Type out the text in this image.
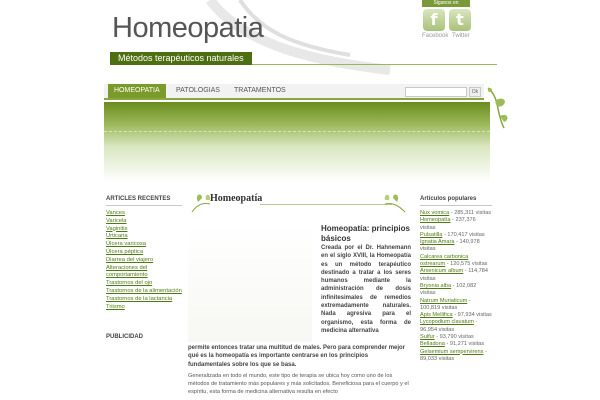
Homeopatia
Métodos terapéuticos naturales
Siganos en
f	t
Facebook Twitter
HOMEOPATIA	PATOLOGIAS	TRATAMENTOS	Ok
ARTICLES RECENTES
Vances
Varicela
Vaginitis
Urticaria
Úlcera varicosa
Úlcera péptica
Diarrea del viajero
Alteraciones del comportamiento
Trastornos del ojo
Trastornos de la alimentación
Trastornos de la lactancia
Triismo
PUBLICIDAD
Homeopatía
Homeopatía: principios básicos
Creada por el Dr. Hahnemann en el siglo XVIII, la Homeopatía es un método terapéutico destinado a tratar a los seres humanos mediante la administración de dosis infinitesimales de remedios extremadamente naturales. Nada agresiva para el organismo, esta forma de medicina alternativa
permite entonces tratar una multitud de males. Pero para comprender mejor qué es la homeopatía es importante centrarse en los principios fundamentales sobre los que se basa.
Generalizada en todo el mundo, este tipo de terapia se ubica hoy como uno de los métodos de tratamiento más populares y más solicitados. Beneficiosa para el cuerpo y el espíritu, esta forma de medicina alternativa resulta en efecto
Artículos populares
Nux vomica - 285,311 visitas
Homeopatía - 237,376 visitas
Pulsatilla - 170,417 visitas
Ignatia Amara - 140,978 visitas
Calcarea carbonica ostrearum - 120,575 visitas
Arsenicum album - 114,784 visitas
Bryonia alba - 102,082 visitas
Natrum Muriaticum - 100,819 visitas
Apis Mellifica - 97,934 visitas
Lycopodium clavatum - 96,954 visitas
Sulfur - 93,790 visitas
Belladona - 91,271 visitas
Gelsemium sempervirens - 89,033 visitas
